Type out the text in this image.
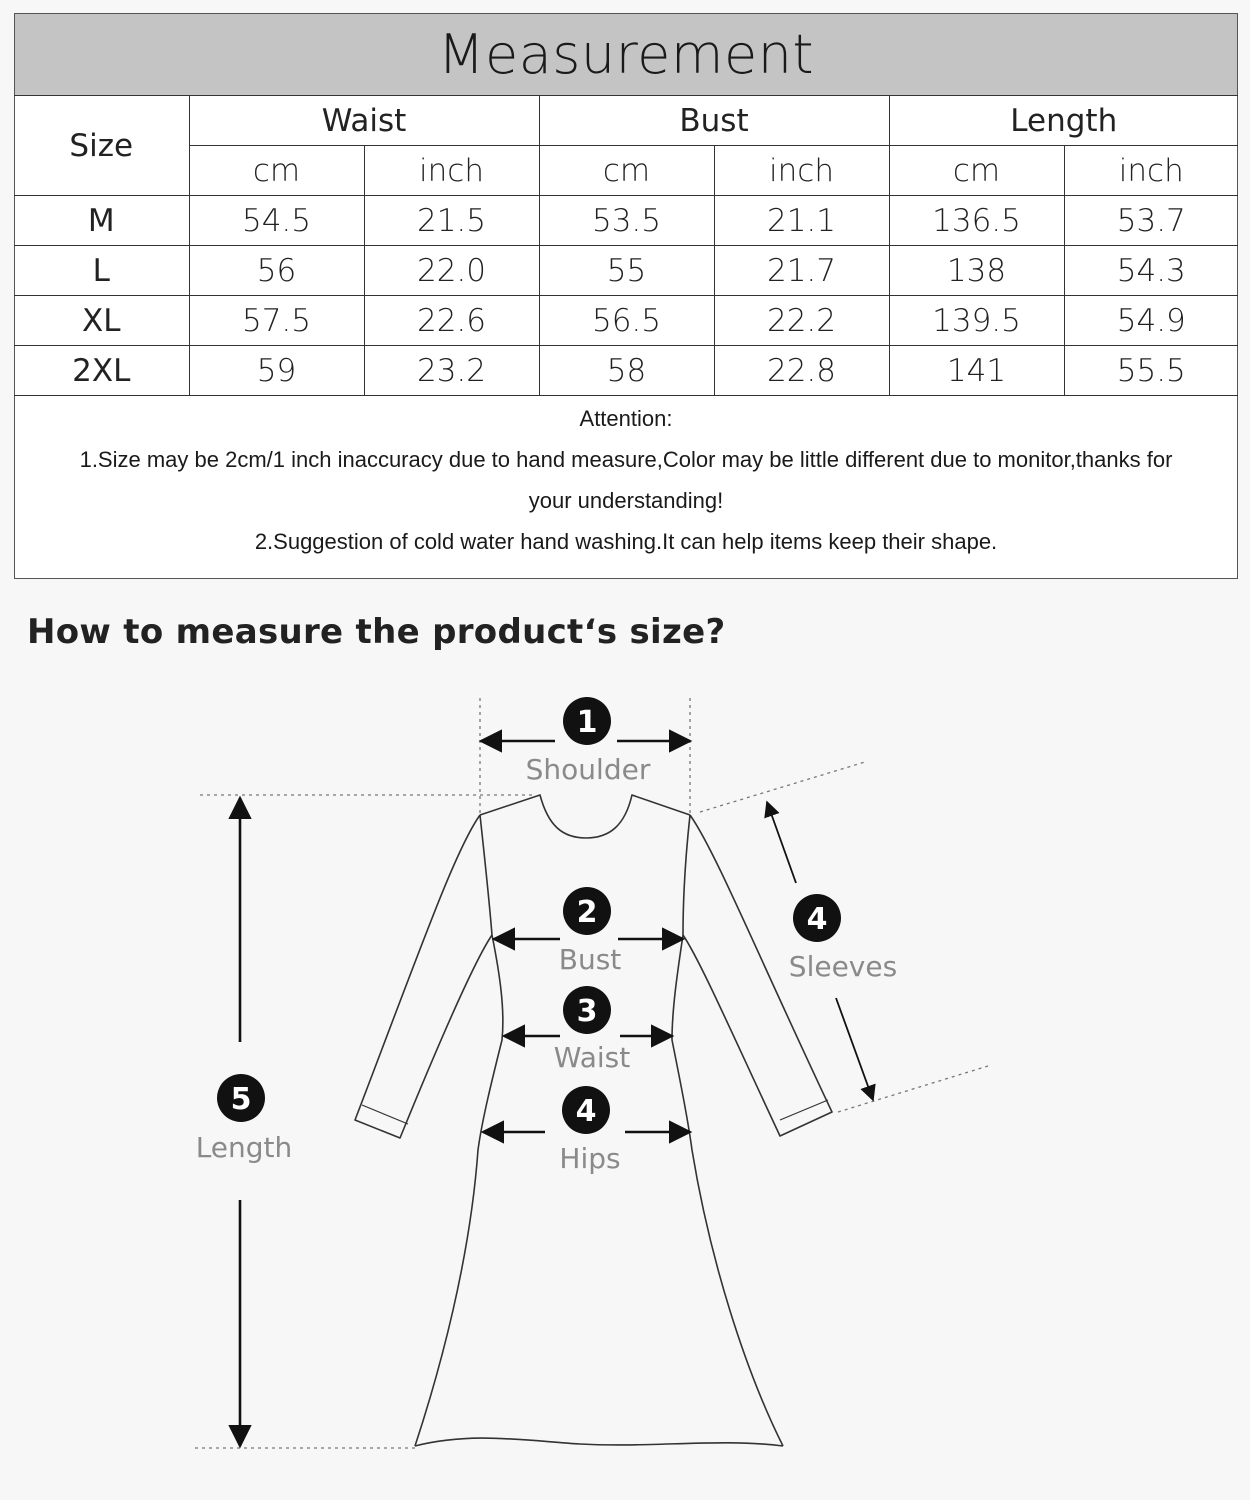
Measurement
Size	Waist		Bust		Length	
	cm	inch	cm	inch	cm	inch
M	54.5	21.5	53.5	21.1	136.5	53.7
L	56	22.0	55	21.7	138	54.3
XL	57.5	22.6	56.5	22.2	139.5	54.9
2XL	59	23.2	58	22.8	141	55.5
Attention:
1.Size may be 2cm/1 inch inaccuracy due to hand measure,Color may be little different due to monitor,thanks for
your understanding!
2.Suggestion of cold water hand washing.It can help items keep their shape.
How to measure the product‘s size?
1
Shoulder
2
Bust
3
Waist
4
Hips
4
Sleeves
5
Length
